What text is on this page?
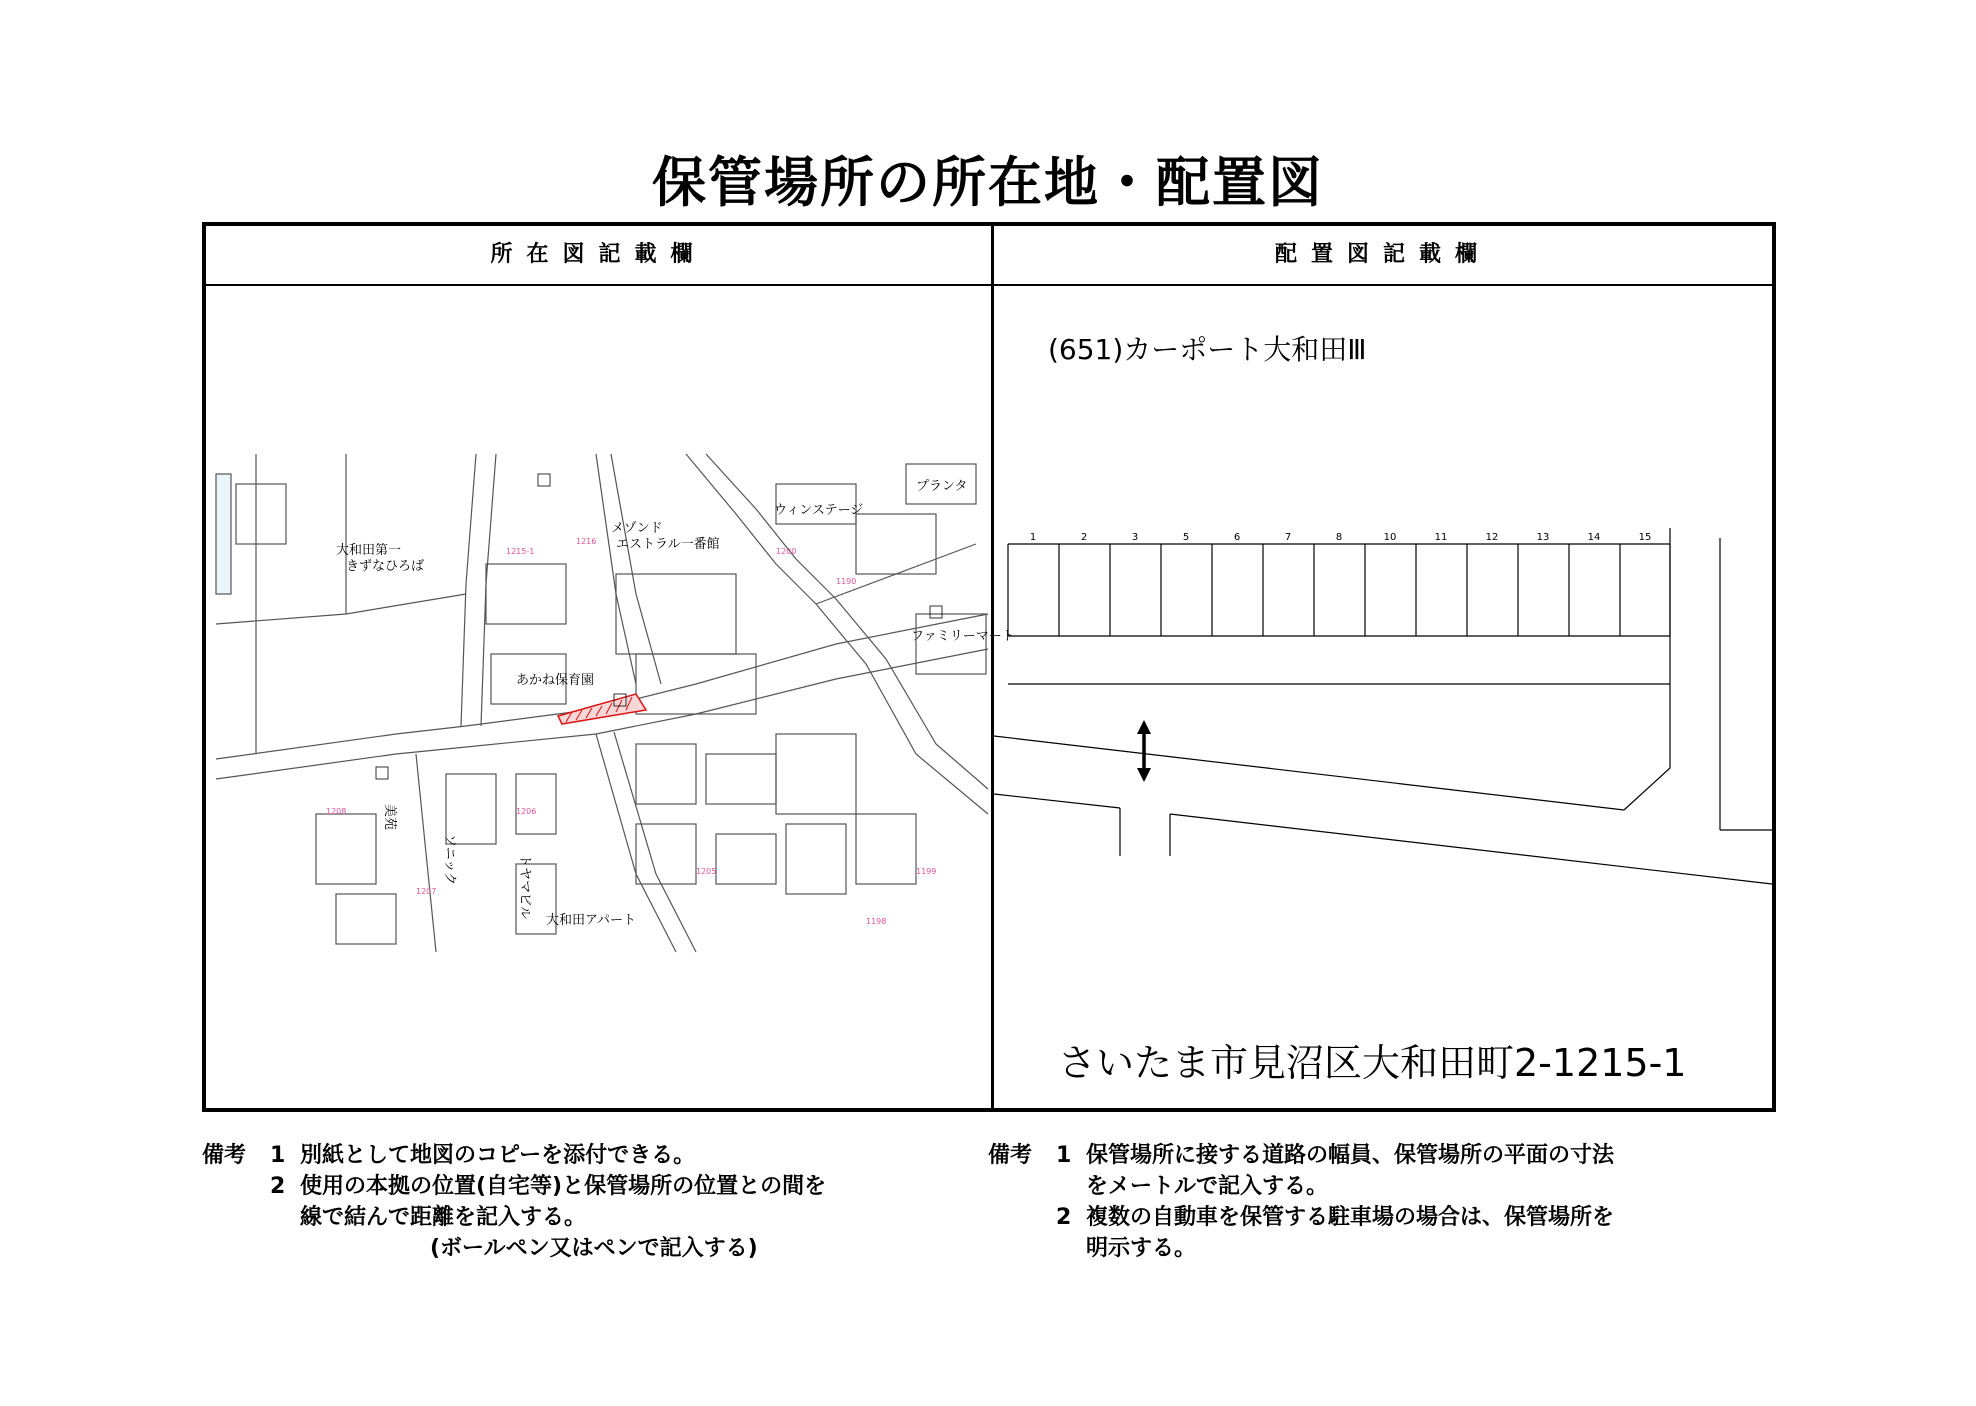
保管場所の所在地・配置図
所在図記載欄	配置図記載欄
1215-1
1216
1200
1190
1206
1208
1205
1198
1207
1199
大和田第一
きずなひろば
メゾンド
エストラル一番館
ウィンステージ
プランタ
ファミリーマート
あかね保育園
ソニック	トヤマビル
大和田アパート
美苑
(651)カーポート大和田Ⅲ
1	2	3	5	6	7	8	10	11	12	13	14	15
さいたま市見沼区大和田町2-1215-1
備考	1 別紙として地図のコピーを添付できる。
2 使用の本拠の位置(自宅等)と保管場所の位置との間を
線で結んで距離を記入する。
(ボールペン又はペンで記入する)
備考	1 保管場所に接する道路の幅員、保管場所の平面の寸法
をメートルで記入する。
2 複数の自動車を保管する駐車場の場合は、保管場所を
明示する。
